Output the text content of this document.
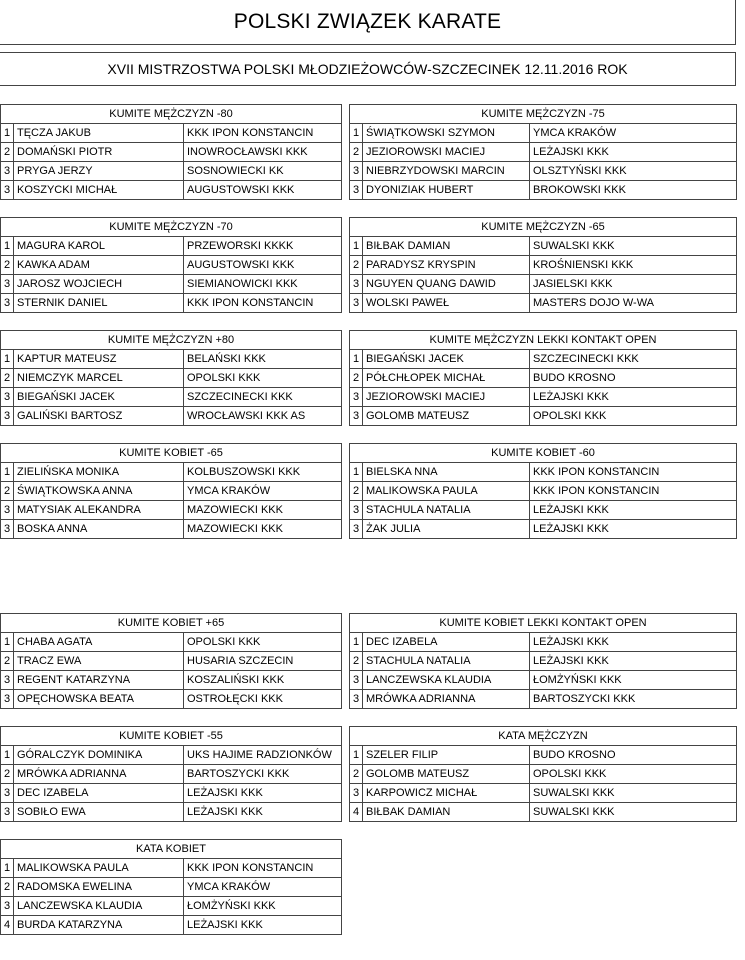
POLSKI ZWIĄZEK KARATE
XVII MISTRZOSTWA POLSKI MŁODZIEŻOWCÓW-SZCZECINEK 12.11.2016 ROK
KUMITE MĘŻCZYZN -80
1 TĘCZA JAKUB	KKK IPON KONSTANCIN
2 DOMAŃSKI PIOTR	INOWROCŁAWSKI KKK
3 PRYGA JERZY	SOSNOWIECKI KK
3 KOSZYCKI MICHAŁ	AUGUSTOWSKI KKK
KUMITE MĘŻCZYZN -75
1 ŚWIĄTKOWSKI SZYMON	YMCA KRAKÓW
2 JEZIOROWSKI MACIEJ	LEŻAJSKI KKK
3 NIEBRZYDOWSKI MARCIN	OLSZTYŃSKI KKK
3 DYONIZIAK HUBERT	BROKOWSKI KKK
KUMITE MĘŻCZYZN -70
1 MAGURA KAROL	PRZEWORSKI KKKK
2 KAWKA ADAM	AUGUSTOWSKI KKK
3 JAROSZ WOJCIECH	SIEMIANOWICKI KKK
3 STERNIK DANIEL	KKK IPON KONSTANCIN
KUMITE MĘŻCZYZN -65
1 BIŁBAK DAMIAN	SUWALSKI KKK
2 PARADYSZ KRYSPIN	KROŚNIENSKI KKK
3 NGUYEN QUANG DAWID	JASIELSKI KKK
3 WOLSKI PAWEŁ	MASTERS DOJO W-WA
KUMITE MĘŻCZYZN +80
1 KAPTUR MATEUSZ	BELAŃSKI KKK
2 NIEMCZYK MARCEL	OPOLSKI KKK
3 BIEGAŃSKI JACEK	SZCZECINECKI KKK
3 GALIŃSKI BARTOSZ	WROCŁAWSKI KKK AS
KUMITE MĘŻCZYZN LEKKI KONTAKT OPEN
1 BIEGAŃSKI JACEK	SZCZECINECKI KKK
2 PÓŁCHŁOPEK MICHAŁ	BUDO KROSNO
3 JEZIOROWSKI MACIEJ	LEŻAJSKI KKK
3 GOLOMB MATEUSZ	OPOLSKI KKK
KUMITE KOBIET -65
1 ZIELIŃSKA MONIKA	KOLBUSZOWSKI KKK
2 ŚWIĄTKOWSKA ANNA	YMCA KRAKÓW
3 MATYSIAK ALEKANDRA	MAZOWIECKI KKK
3 BOSKA ANNA	MAZOWIECKI KKK
KUMITE KOBIET -60
1 BIELSKA NNA	KKK IPON KONSTANCIN
2 MALIKOWSKA PAULA	KKK IPON KONSTANCIN
3 STACHULA NATALIA	LEŻAJSKI KKK
3 ŻAK JULIA	LEŻAJSKI KKK
KUMITE KOBIET +65
1 CHABA AGATA	OPOLSKI KKK
2 TRACZ EWA	HUSARIA SZCZECIN
3 REGENT KATARZYNA	KOSZALIŃSKI KKK
3 OPĘCHOWSKA BEATA	OSTROŁĘCKI KKK
KUMITE KOBIET LEKKI KONTAKT OPEN
1 DEC IZABELA	LEŻAJSKI KKK
2 STACHULA NATALIA	LEŻAJSKI KKK
3 LANCZEWSKA KLAUDIA	ŁOMŻYŃSKI KKK
3 MRÓWKA ADRIANNA	BARTOSZYCKI KKK
KUMITE KOBIET -55
1 GÓRALCZYK DOMINIKA	UKS HAJIME RADZIONKÓW
2 MRÓWKA ADRIANNA	BARTOSZYCKI KKK
3 DEC IZABELA	LEŻAJSKI KKK
3 SOBIŁO EWA	LEŻAJSKI KKK
KATA MĘŻCZYZN
1 SZELER FILIP	BUDO KROSNO
2 GOLOMB MATEUSZ	OPOLSKI KKK
3 KARPOWICZ MICHAŁ	SUWALSKI KKK
4 BIŁBAK DAMIAN	SUWALSKI KKK
KATA KOBIET
1 MALIKOWSKA PAULA	KKK IPON KONSTANCIN
2 RADOMSKA EWELINA	YMCA KRAKÓW
3 LANCZEWSKA KLAUDIA	ŁOMŻYŃSKI KKK
4 BURDA KATARZYNA	LEŻAJSKI KKK
